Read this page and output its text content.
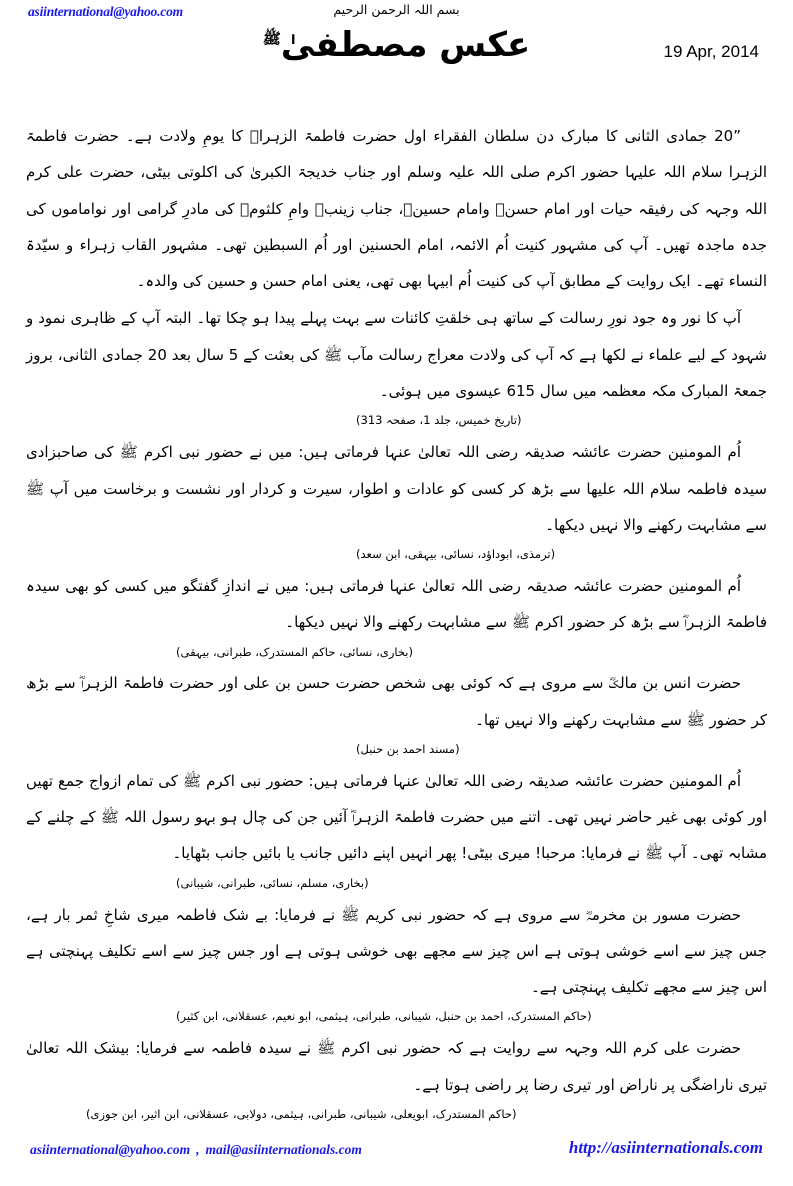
asiinternational@yahoo.com	بسم اللہ الرحمن الرحیم
عکس مصطفیٰ$^ﷺ$
19 Apr, 2014

”20 جمادی الثانی کا مبارک دن سلطان الفقراء اول حضرت فاطمۃ الزہراؓ کا یومِ ولادت ہے۔ حضرت فاطمۃ الزہرا سلام اللہ علیہا حضور اکرم صلی اللہ علیہ وسلم اور جناب خدیجۃ الکبریٰ کی اکلوتی بیٹی، حضرت علی کرم اللہ وجہہ کی رفیقہ حیات اور امام حسنؓ وامام حسینؓ، جناب زینبؓ وامِ کلثومؓ کی مادرِ گرامی اور نواماموں کی جدہ ماجدہ تھیں۔ آپ کی مشہور کنیت اُم الائمہ، امام الحسنین اور اُم السبطین تھی۔ مشہور القاب زہراء و سیّدۃ النساء تھے۔ ایک روایت کے مطابق آپ کی کنیت اُم ابیہا بھی تھی، یعنی امام حسن و حسین کی والدہ۔

آپ کا نور وہ جود نورِ رسالت کے ساتھ ہی خلقتِ کائنات سے بہت پہلے پیدا ہو چکا تھا۔ البتہ آپ کے ظاہری نمود و شہود کے لیے علماء نے لکھا ہے کہ آپ کی ولادت معراج رسالت مآب ﷺ کی بعثت کے 5 سال بعد 20 جمادی الثانی، بروز جمعۃ المبارک مکہ معظمہ میں سال 615 عیسوی میں ہوئی۔

(تاریخ خمیس، جلد 1، صفحہ 313)

اُم المومنین حضرت عائشہ صدیقہ رضی اللہ تعالیٰ عنہا فرماتی ہیں: میں نے حضور نبی اکرم ﷺ کی صاحبزادی سیدہ فاطمہ سلام اللہ علیھا سے بڑھ کر کسی کو عادات و اطوار، سیرت و کردار اور نشست و برخاست میں آپ ﷺ سے مشابہت رکھنے والا نہیں دیکھا۔

(ترمذی، ابوداؤد، نسائی، بیہقی، ابن سعد)

اُم المومنین حضرت عائشہ صدیقہ رضی اللہ تعالیٰ عنہا فرماتی ہیں: میں نے اندازِ گفتگو میں کسی کو بھی سیدہ فاطمۃ الزہراؓ سے بڑھ کر حضور اکرم ﷺ سے مشابہت رکھنے والا نہیں دیکھا۔

(بخاری، نسائی، حاکم المستدرک، طبرانی، بیہقی)

حضرت انس بن مالکؓ سے مروی ہے کہ کوئی بھی شخص حضرت حسن بن علی اور حضرت فاطمۃ الزہراؓ سے بڑھ کر حضور ﷺ سے مشابہت رکھنے والا نہیں تھا۔

(مسند احمد بن حنبل)

اُم المومنین حضرت عائشہ صدیقہ رضی اللہ تعالیٰ عنہا فرماتی ہیں: حضور نبی اکرم ﷺ کی تمام ازواج جمع تھیں اور کوئی بھی غیر حاضر نہیں تھی۔ اتنے میں حضرت فاطمۃ الزہراؓ آئیں جن کی چال ہو بہو رسول اللہ ﷺ کے چلنے کے مشابہ تھی۔ آپ ﷺ نے فرمایا: مرحبا! میری بیٹی! پھر انہیں اپنے دائیں جانب یا بائیں جانب بٹھایا۔

(بخاری، مسلم، نسائی، طبرانی، شیبانی)

حضرت مسور بن مخرمہؓ سے مروی ہے کہ حضور نبی کریم ﷺ نے فرمایا: بے شک فاطمہ میری شاخِ ثمر بار ہے، جس چیز سے اسے خوشی ہوتی ہے اس چیز سے مجھے بھی خوشی ہوتی ہے اور جس چیز سے اسے تکلیف پہنچتی ہے اس چیز سے مجھے تکلیف پہنچتی ہے۔

(حاکم المستدرک، احمد بن حنبل، شیبانی، طبرانی، ہیثمی، ابو نعیم، عسقلانی، ابن کثیر)

حضرت علی کرم اللہ وجہہ سے روایت ہے کہ حضور نبی اکرم ﷺ نے سیدہ فاطمہ سے فرمایا: بیشک اللہ تعالیٰ تیری ناراضگی پر ناراض اور تیری رضا پر راضی ہوتا ہے۔

(حاکم المستدرک، ابویعلی، شیبانی، طبرانی، ہیثمی، دولابی، عسقلانی، ابن اثیر، ابن جوزی)
asiinternational@yahoo.com , mail@asiinternationals.com	http://asiinternationals.com
